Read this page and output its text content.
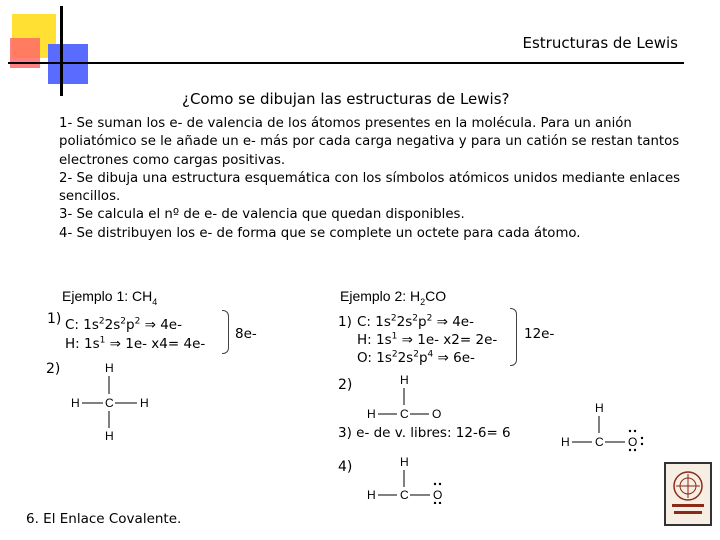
Estructuras de Lewis
¿Como se dibujan las estructuras de Lewis?

1- Se suman los e- de valencia de los átomos presentes en la molécula. Para un anión poliatómico se le añade un e- más por cada carga negativa y para un catión se restan tantos electrones como cargas positivas.

2- Se dibuja una estructura esquemática con los símbolos atómicos unidos mediante enlaces sencillos.

3- Se calcula el nº de e- de valencia que quedan disponibles.

4- Se distribuyen los e- de forma que se complete un octete para cada átomo.

Ejemplo 1: $CH_4$
1) C: $1s^22s^2p^2$ ⇒ 4e-
H: $1s^1$ ⇒ 1e- x4= 4e-
8e-
2)	H
C
H	H
H
Ejemplo 2: $H_2CO$
1) C: $1s^22s^2p^2$ ⇒ 4e-
H: $1s^1$ ⇒ 1e- x2= 2e-
O: $1s^22s^2p^4$ ⇒ 6e-
12e-
2)	H
H C O
3) e- de v. libres: 12-6= 6
4)	H
H C O
H
H C O
6. El Enlace Covalente.
